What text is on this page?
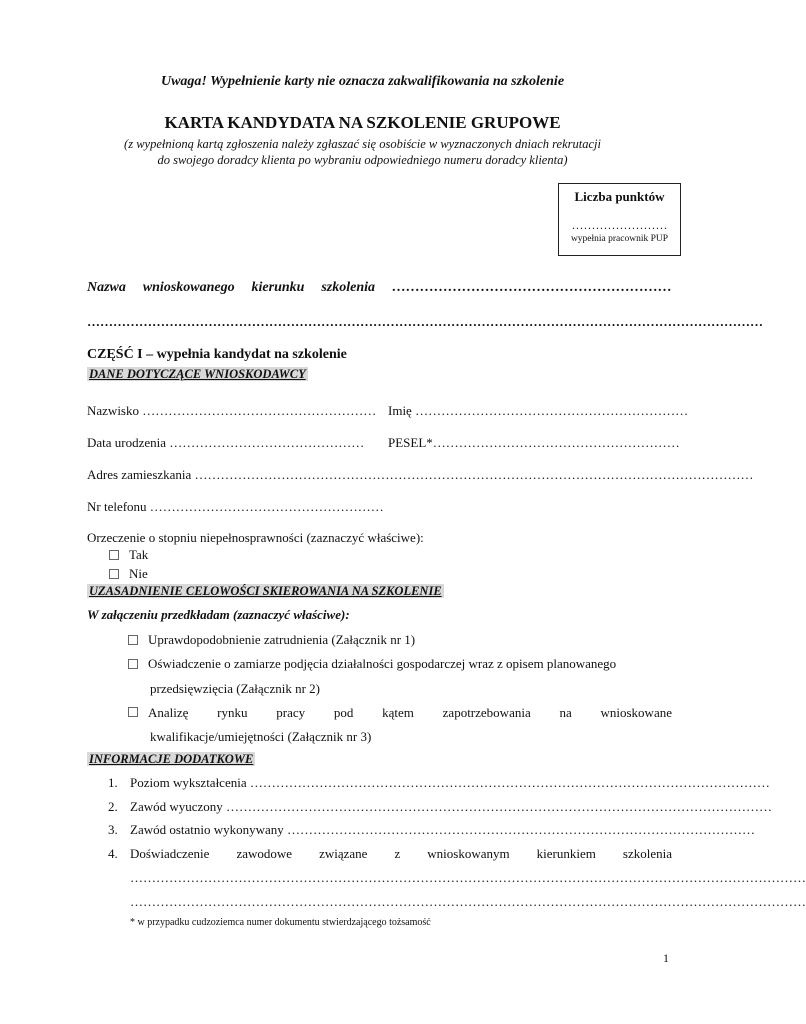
Uwaga! Wypełnienie karty nie oznacza zakwalifikowania na szkolenie
KARTA KANDYDATA NA SZKOLENIE GRUPOWE
(z wypełnioną kartą zgłoszenia należy zgłaszać się osobiście w wyznaczonych dniach rekrutacji
do swojego doradcy klienta po wybraniu odpowiedniego numeru doradcy klienta)
Liczba punktów
……………………
wypełnia pracownik PUP
Nazwa wnioskowanego kierunku szkolenia ……………………………………………………
…………………………………………………………………………………………………………………………………………
CZĘŚĆ I – wypełnia kandydat na szkolenie
DANE DOTYCZĄCE WNIOSKODAWCY
Nazwisko ……………………………………………… Imię ………………………………………………………
Data urodzenia ……………………………………… PESEL*…………………………………………………
Adres zamieszkania …………………………………………………………………………………………………………………
Nr telefonu ………………………………………………
Orzeczenie o stopniu niepełnosprawności (zaznaczyć właściwe):
Tak
Nie
UZASADNIENIE CELOWOŚCI SKIEROWANIA NA SZKOLENIE
W załączeniu przedkładam (zaznaczyć właściwe):
Uprawdopodobnienie zatrudnienia (Załącznik nr 1)
Oświadczenie o zamiarze podjęcia działalności gospodarczej wraz z opisem planowanego
przedsięwzięcia (Załącznik nr 2)
Analizę rynku pracy pod kątem zapotrzebowania na wnioskowane
kwalifikacje/umiejętności (Załącznik nr 3)
INFORMACJE DODATKOWE
1. Poziom wykształcenia …………………………………………………………………………………………………………
2. Zawód wyuczony ………………………………………………………………………………………………………………
3. Zawód ostatnio wykonywany ………………………………………………………………………………………………
4. Doświadczenie zawodowe związane z wnioskowanym kierunkiem szkolenia
…………………………………………………………………………………………………………………………………………
…………………………………………………………………………………………………………………………………………
* w przypadku cudzoziemca numer dokumentu stwierdzającego tożsamość
1
